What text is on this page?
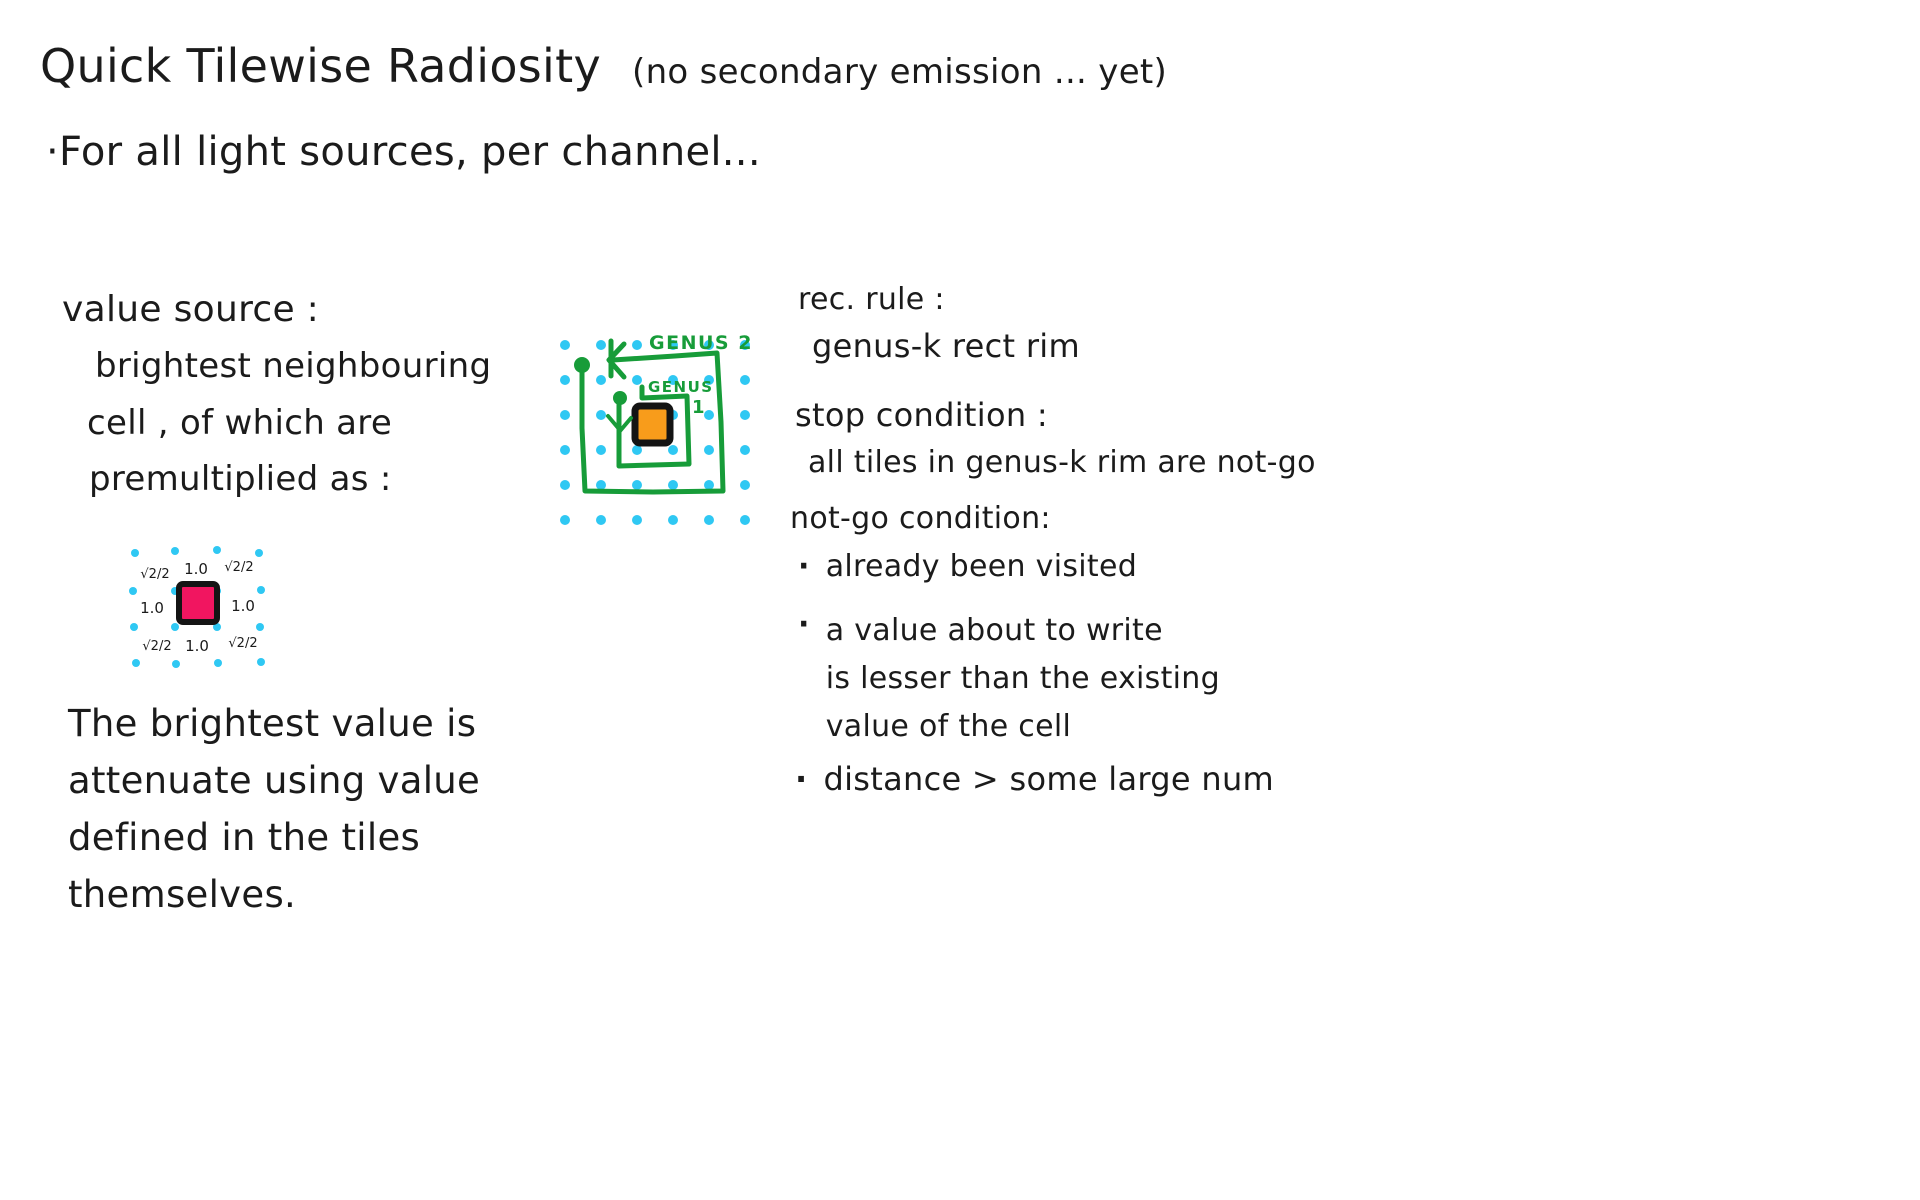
Quick Tilewise Radiosity (no secondary emission ... yet)
·For all light sources, per channel...
value source :
brightest neighbouring
cell , of which are
premultiplied as :
√2/2 1.0 √2/2
1.0	1.0
√2/2 1.0 √2/2
The brightest value is
attenuate using value
defined in the tiles
themselves.
GENUS 2
GENUS
1
rec. rule :
genus-k rect rim
stop condition :
all tiles in genus-k rim are not-go
not-go condition:
· already been visited
· a value about to write
is lesser than the existing
value of the cell
· distance > some large num
